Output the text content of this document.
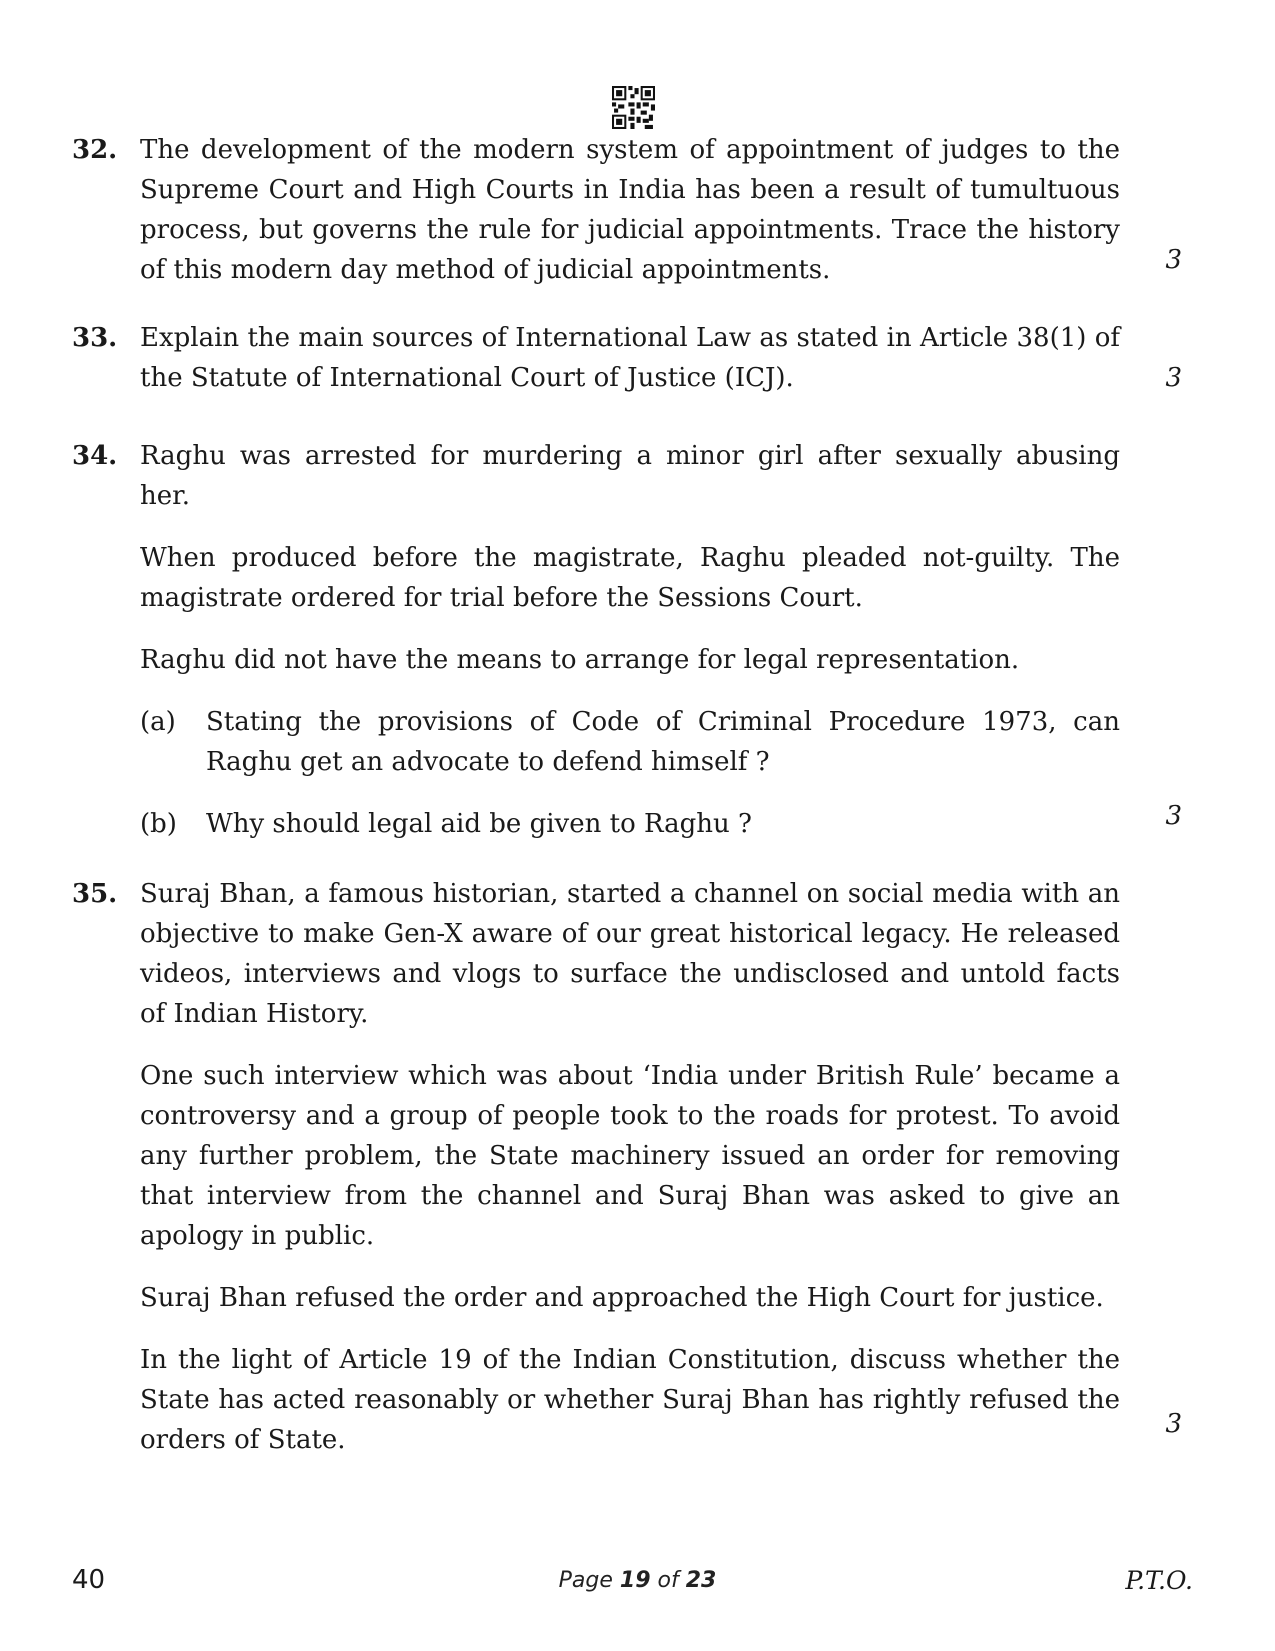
32. The development of the modern system of appointment of judges to the Supreme Court and High Courts in India has been a result of tumultuous process, but governs the rule for judicial appointments. Trace the history of this modern day method of judicial appointments.	3
33. Explain the main sources of International Law as stated in Article 38(1) of the Statute of International Court of Justice (ICJ).	3
34. Raghu was arrested for murdering a minor girl after sexually abusing her.

When produced before the magistrate, Raghu pleaded not-guilty. The magistrate ordered for trial before the Sessions Court.

Raghu did not have the means to arrange for legal representation.

(a) Stating the provisions of Code of Criminal Procedure 1973, can Raghu get an advocate to defend himself ?
(b) Why should legal aid be given to Raghu ?	3
35. Suraj Bhan, a famous historian, started a channel on social media with an objective to make Gen-X aware of our great historical legacy. He released videos, interviews and vlogs to surface the undisclosed and untold facts of Indian History.

One such interview which was about ‘India under British Rule’ became a controversy and a group of people took to the roads for protest. To avoid any further problem, the State machinery issued an order for removing that interview from the channel and Suraj Bhan was asked to give an apology in public.

Suraj Bhan refused the order and approached the High Court for justice.

In the light of Article 19 of the Indian Constitution, discuss whether the State has acted reasonably or whether Suraj Bhan has rightly refused the orders of State.

3
40	Page 19 of 23	P.T.O.
